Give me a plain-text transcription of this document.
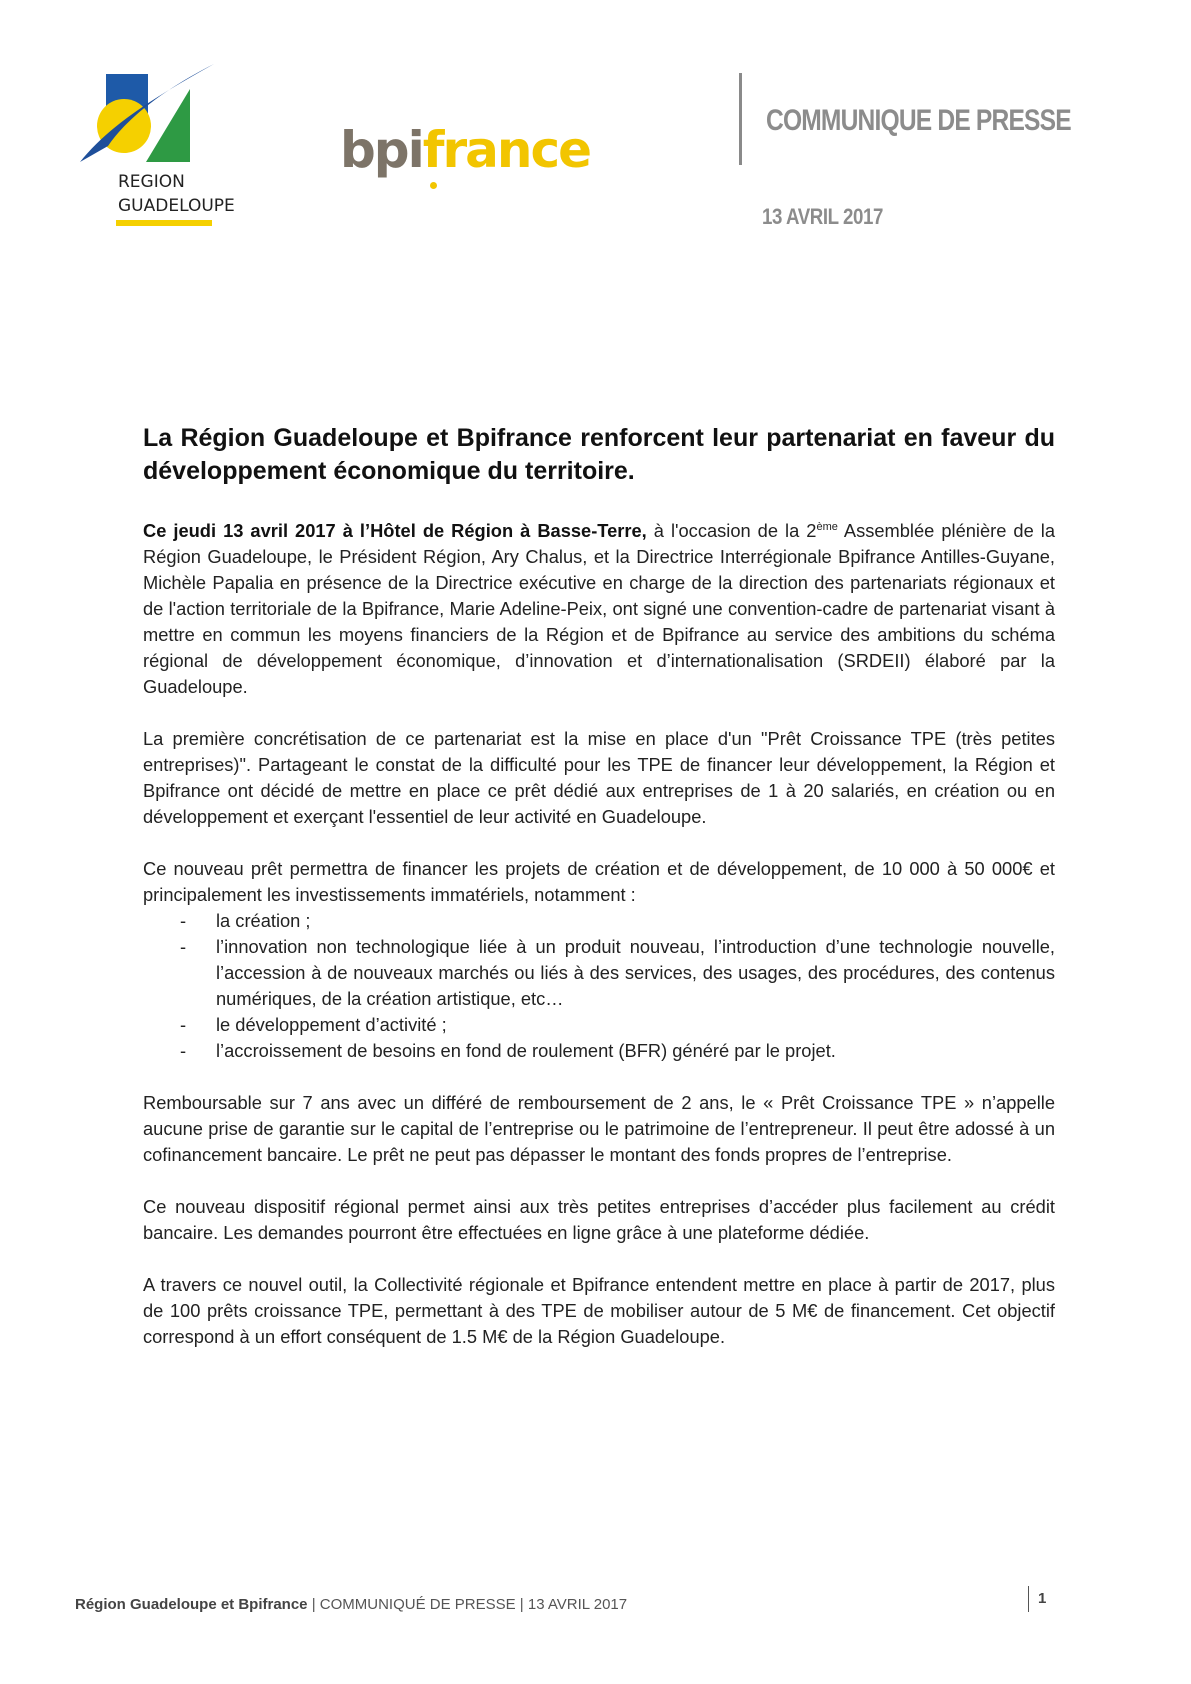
REGION
GUADELOUPE
bpifrance
COMMUNIQUE DE PRESSE
13 AVRIL 2017
La Région Guadeloupe et Bpifrance renforcent leur partenariat en faveur du développement économique du territoire.

Ce jeudi 13 avril 2017 à l’Hôtel de Région à Basse-Terre, à l'occasion de la 2ème Assemblée plénière de la Région Guadeloupe, le Président Région, Ary Chalus, et la Directrice Interrégionale Bpifrance Antilles-Guyane, Michèle Papalia en présence de la Directrice exécutive en charge de la direction des partenariats régionaux et de l'action territoriale de la Bpifrance, Marie Adeline-Peix, ont signé une convention-cadre de partenariat visant à mettre en commun les moyens financiers de la Région et de Bpifrance au service des ambitions du schéma régional de développement économique, d’innovation et d’internationalisation (SRDEII) élaboré par la Guadeloupe.

La première concrétisation de ce partenariat est la mise en place d'un "Prêt Croissance TPE (très petites entreprises)". Partageant le constat de la difficulté pour les TPE de financer leur développement, la Région et Bpifrance ont décidé de mettre en place ce prêt dédié aux entreprises de 1 à 20 salariés, en création ou en développement et exerçant l'essentiel de leur activité en Guadeloupe.

Ce nouveau prêt permettra de financer les projets de création et de développement, de 10 000 à 50 000€ et principalement les investissements immatériels, notamment :

- la création ;
- l’innovation non technologique liée à un produit nouveau, l’introduction d’une technologie nouvelle, l’accession à de nouveaux marchés ou liés à des services, des usages, des procédures, des contenus numériques, de la création artistique, etc…
- le développement d’activité ;
- l’accroissement de besoins en fond de roulement (BFR) généré par le projet.

Remboursable sur 7 ans avec un différé de remboursement de 2 ans, le « Prêt Croissance TPE » n’appelle aucune prise de garantie sur le capital de l’entreprise ou le patrimoine de l’entrepreneur. Il peut être adossé à un cofinancement bancaire. Le prêt ne peut pas dépasser le montant des fonds propres de l’entreprise.

Ce nouveau dispositif régional permet ainsi aux très petites entreprises d’accéder plus facilement au crédit bancaire. Les demandes pourront être effectuées en ligne grâce à une plateforme dédiée.

A travers ce nouvel outil, la Collectivité régionale et Bpifrance entendent mettre en place à partir de 2017, plus de 100 prêts croissance TPE, permettant à des TPE de mobiliser autour de 5 M€ de financement. Cet objectif correspond à un effort conséquent de 1.5 M€ de la Région Guadeloupe.

Région Guadeloupe et Bpifrance | COMMUNIQUÉ DE PRESSE | 13 AVRIL 2017	1
